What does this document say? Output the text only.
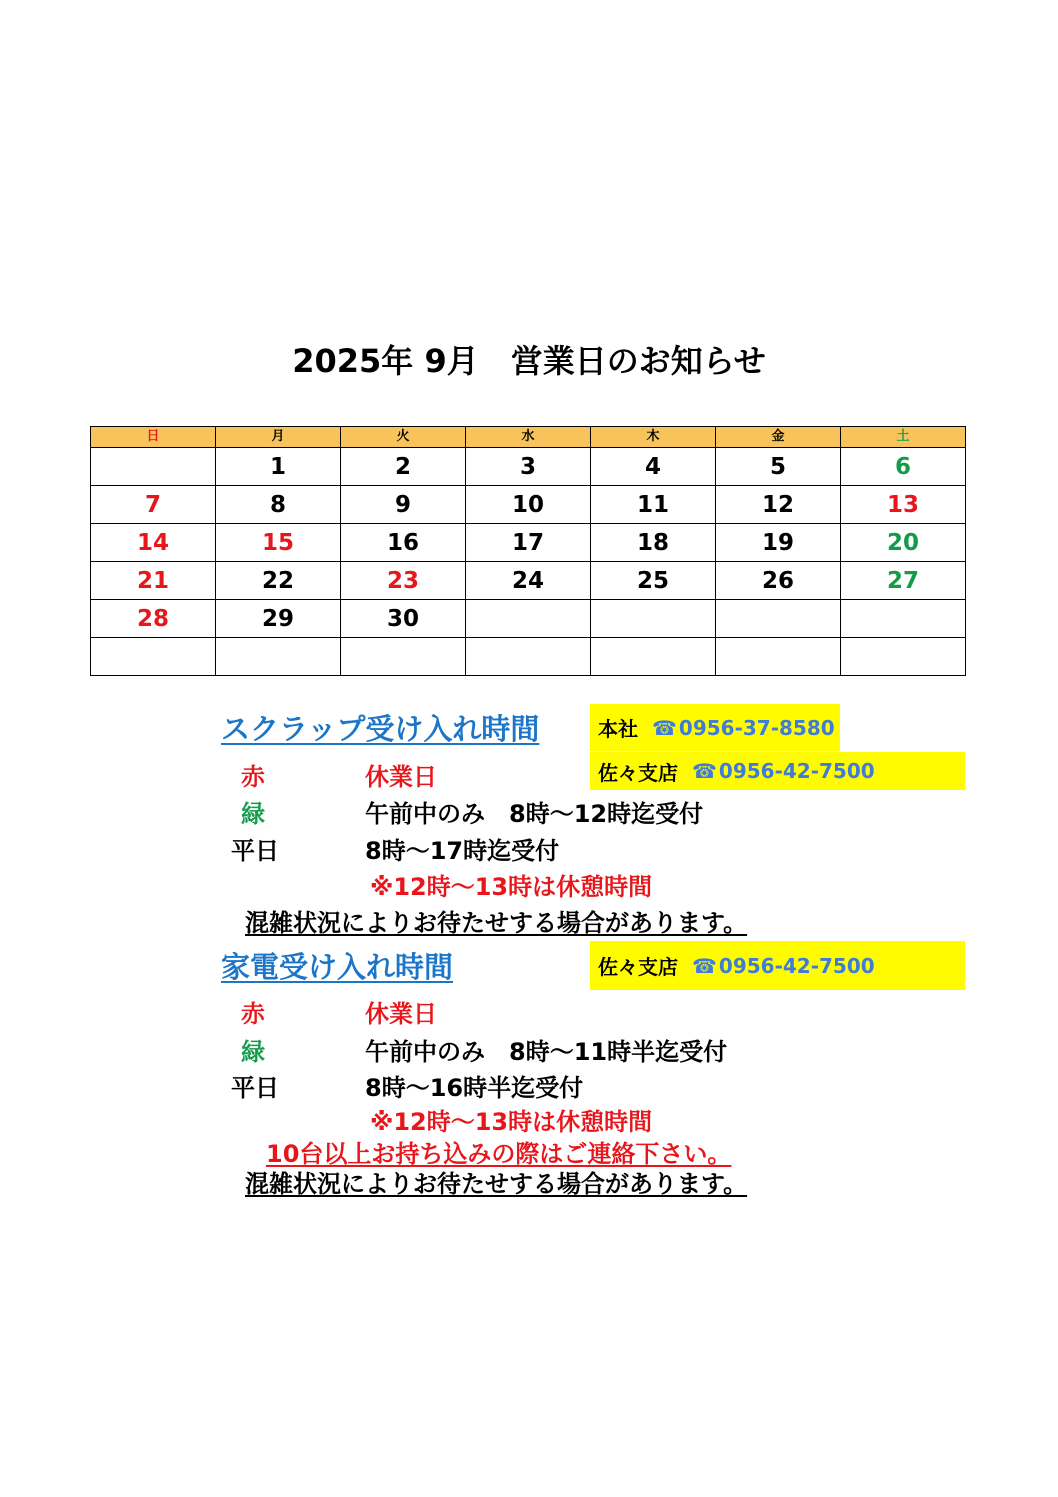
2025年 9月　営業日のお知らせ
日	月	火	水	木	金	土
	1	2	3	4	5	6
7	8	9	10	11	12	13
14	15	16	17	18	19	20
21	22	23	24	25	26	27
28	29	30				

スクラップ受け入れ時間	本社 ☎ 0956-37-8580
佐々支店 ☎ 0956-42-7500
赤	休業日
緑	午前中のみ　8時～12時迄受付
平日	8時～17時迄受付
※12時～13時は休憩時間
混雑状況によりお待たせする場合があります。
家電受け入れ時間	佐々支店 ☎ 0956-42-7500
赤	休業日
緑	午前中のみ　8時～11時半迄受付
平日	8時～16時半迄受付
※12時～13時は休憩時間
10台以上お持ち込みの際はご連絡下さい。
混雑状況によりお待たせする場合があります。
